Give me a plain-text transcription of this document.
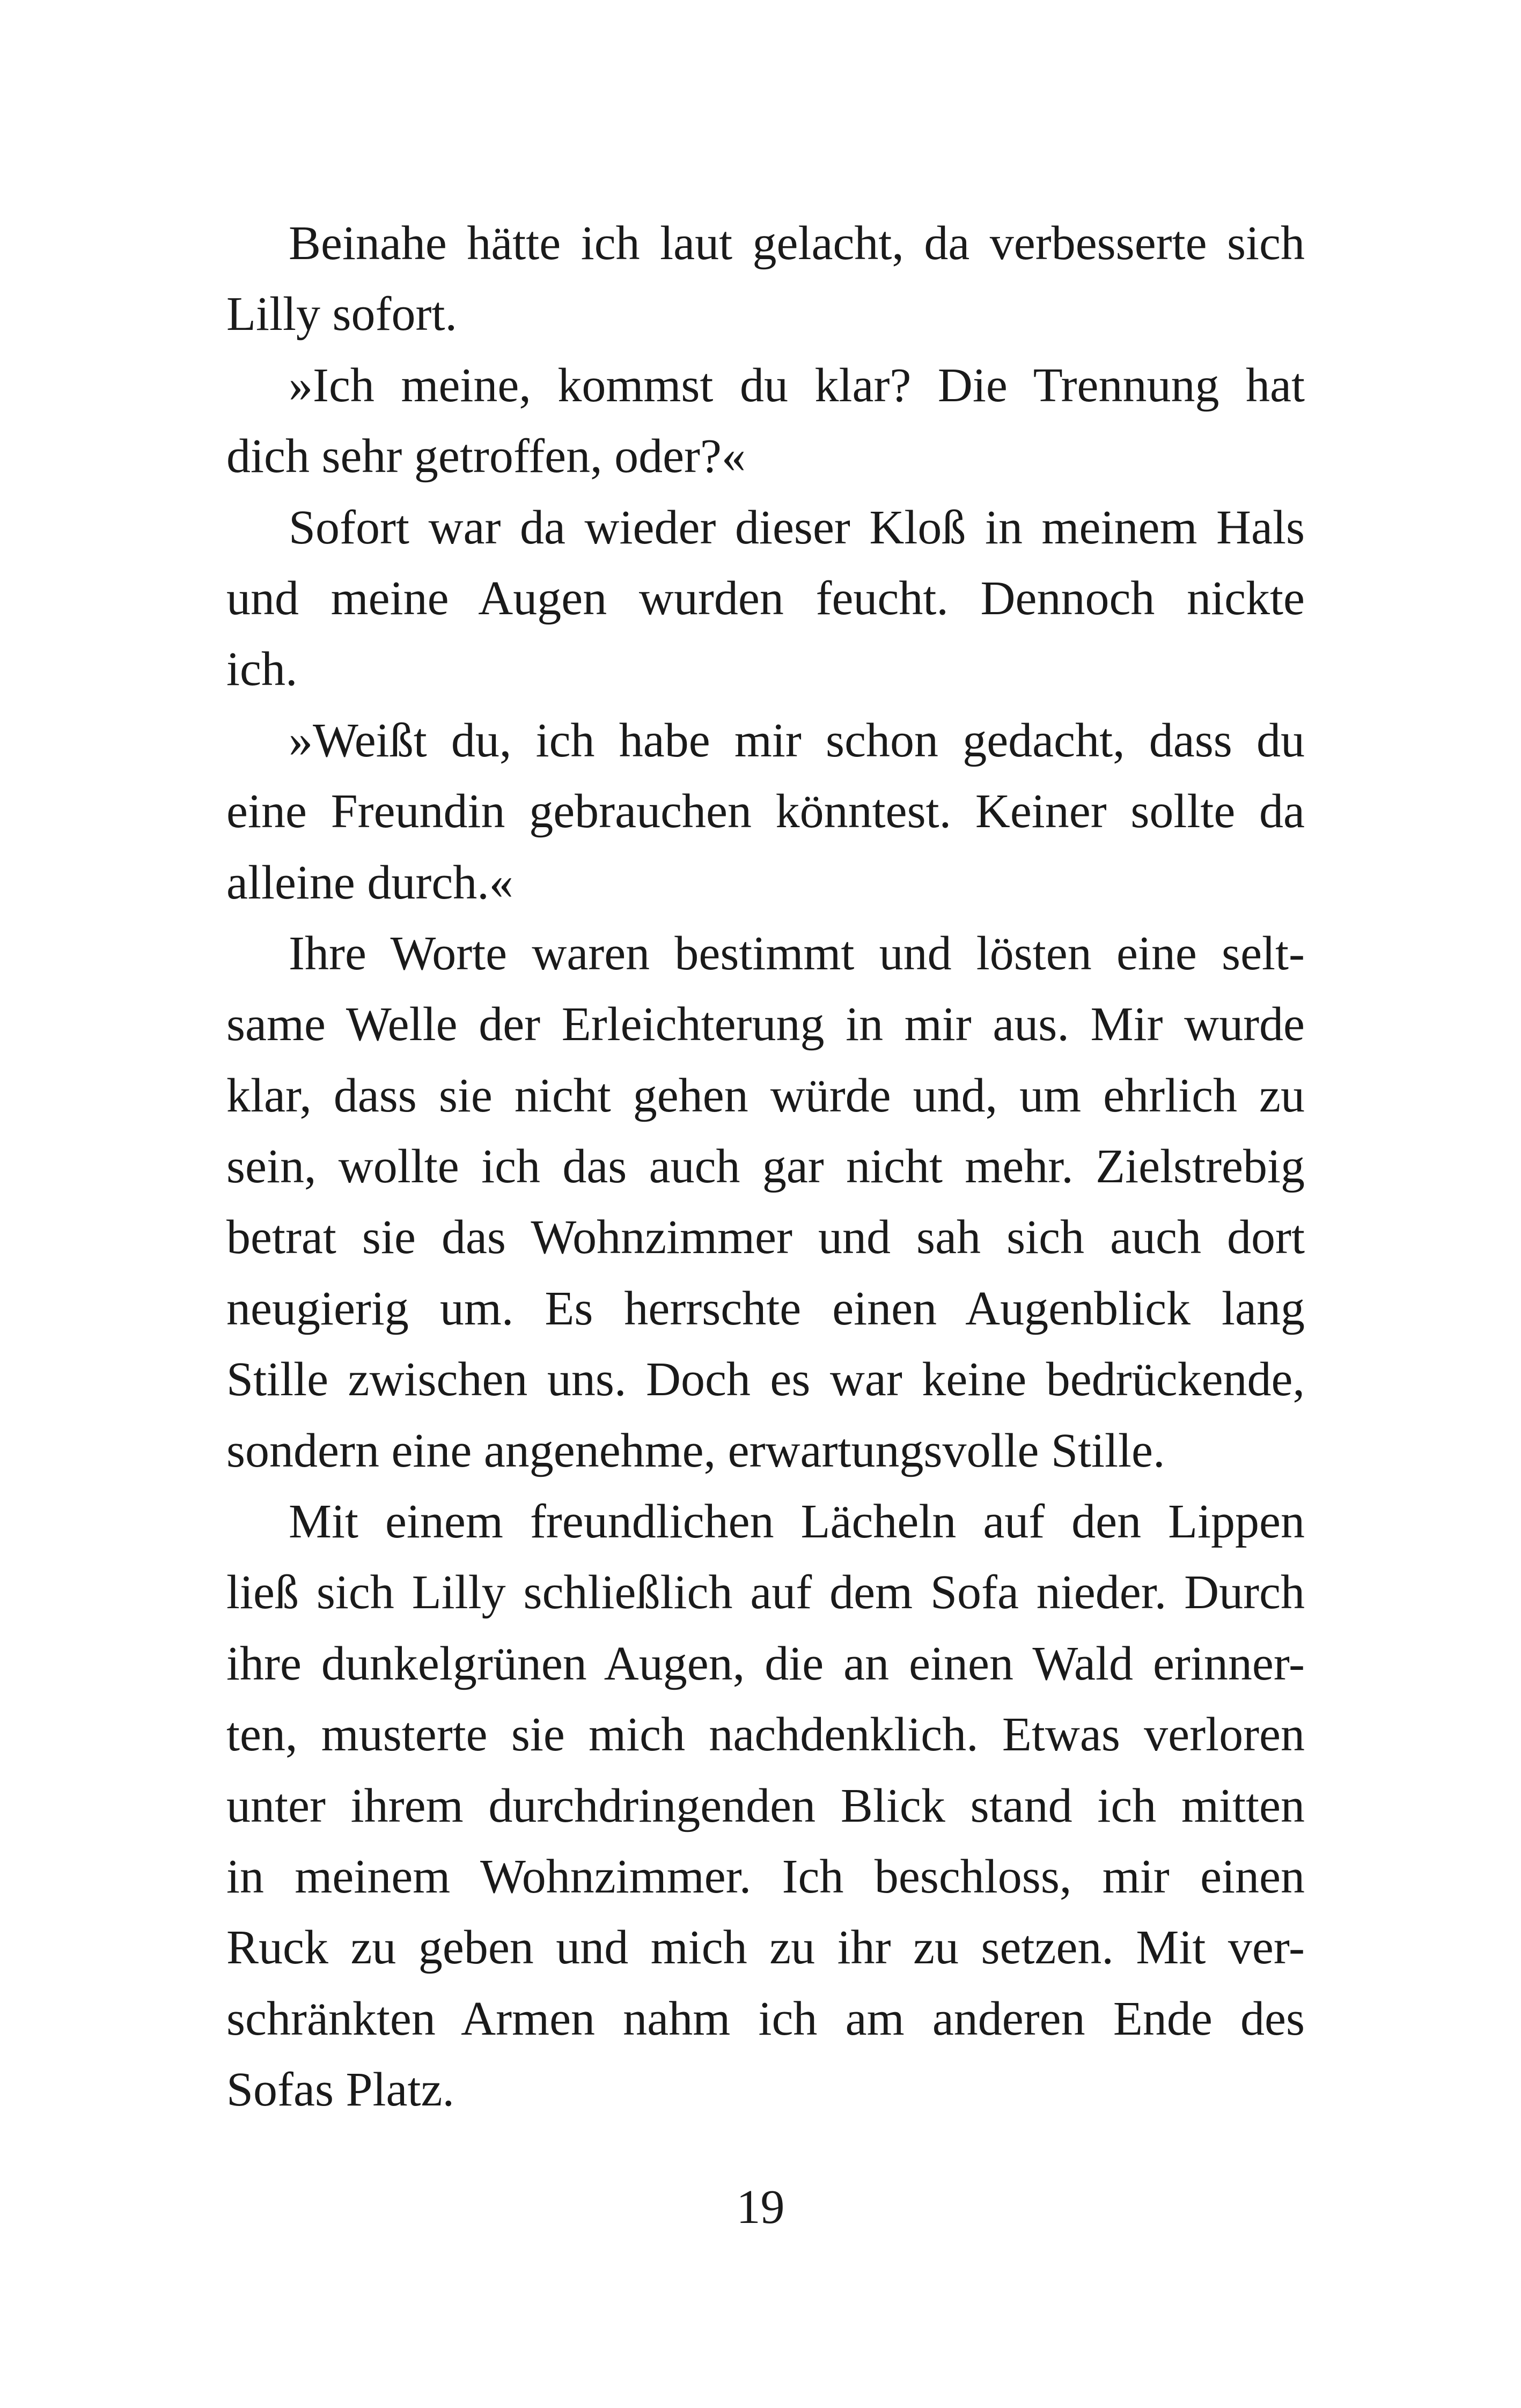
Beinahe hätte ich laut gelacht, da verbesserte sich
Lilly sofort.
»Ich meine, kommst du klar? Die Trennung hat
dich sehr getroffen, oder?«
Sofort war da wieder dieser Kloß in meinem Hals
und meine Augen wurden feucht. Dennoch nickte
ich.
»Weißt du, ich habe mir schon gedacht, dass du
eine Freundin gebrauchen könntest. Keiner sollte da
alleine durch.«
Ihre Worte waren bestimmt und lösten eine selt-
same Welle der Erleichterung in mir aus. Mir wurde
klar, dass sie nicht gehen würde und, um ehrlich zu
sein, wollte ich das auch gar nicht mehr. Zielstrebig
betrat sie das Wohnzimmer und sah sich auch dort
neugierig um. Es herrschte einen Augenblick lang
Stille zwischen uns. Doch es war keine bedrückende,
sondern eine angenehme, erwartungsvolle Stille.
Mit einem freundlichen Lächeln auf den Lippen
ließ sich Lilly schließlich auf dem Sofa nieder. Durch
ihre dunkelgrünen Augen, die an einen Wald erinner-
ten, musterte sie mich nachdenklich. Etwas verloren
unter ihrem durchdringenden Blick stand ich mitten
in meinem Wohnzimmer. Ich beschloss, mir einen
Ruck zu geben und mich zu ihr zu setzen. Mit ver-
schränkten Armen nahm ich am anderen Ende des
Sofas Platz.
19
